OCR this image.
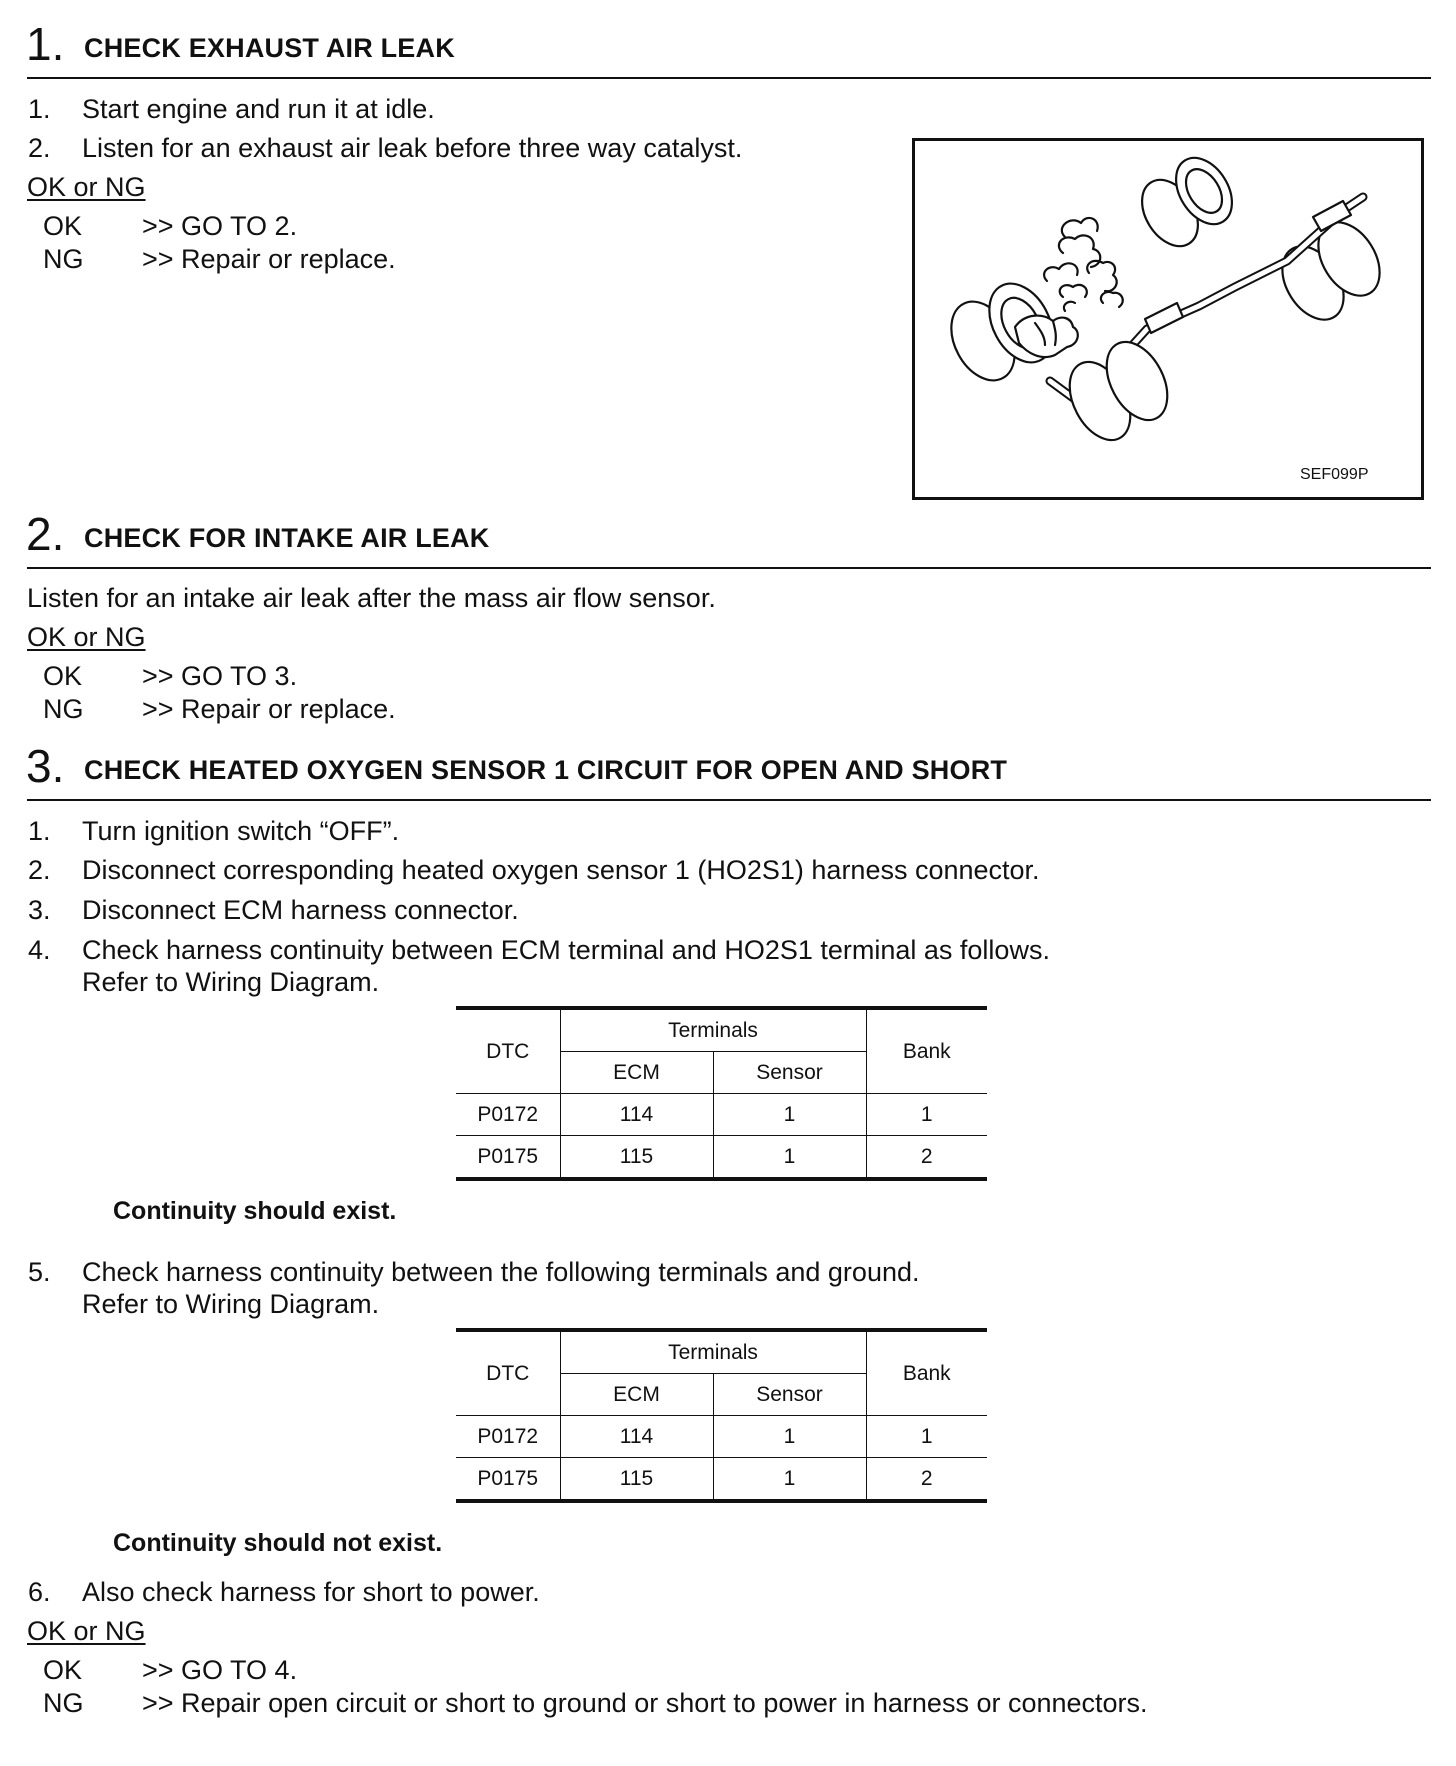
1. CHECK EXHAUST AIR LEAK
1. Start engine and run it at idle.
2. Listen for an exhaust air leak before three way catalyst.
OK or NG
OK >> GO TO 2.
NG >> Repair or replace.
SEF099P
2. CHECK FOR INTAKE AIR LEAK
Listen for an intake air leak after the mass air flow sensor.
OK or NG
OK >> GO TO 3.
NG >> Repair or replace.
3. CHECK HEATED OXYGEN SENSOR 1 CIRCUIT FOR OPEN AND SHORT
1. Turn ignition switch “OFF”.
2. Disconnect corresponding heated oxygen sensor 1 (HO2S1) harness connector.
3. Disconnect ECM harness connector.
4. Check harness continuity between ECM terminal and HO2S1 terminal as follows.
Refer to Wiring Diagram.
DTC	Terminals		Bank
	ECM	Sensor	
P0172	114	1	1
P0175	115	1	2
Continuity should exist.
5. Check harness continuity between the following terminals and ground.
Refer to Wiring Diagram.
DTC	Terminals		Bank
	ECM	Sensor	
P0172	114	1	1
P0175	115	1	2
Continuity should not exist.
6. Also check harness for short to power.
OK or NG
OK >> GO TO 4.
NG >> Repair open circuit or short to ground or short to power in harness or connectors.
